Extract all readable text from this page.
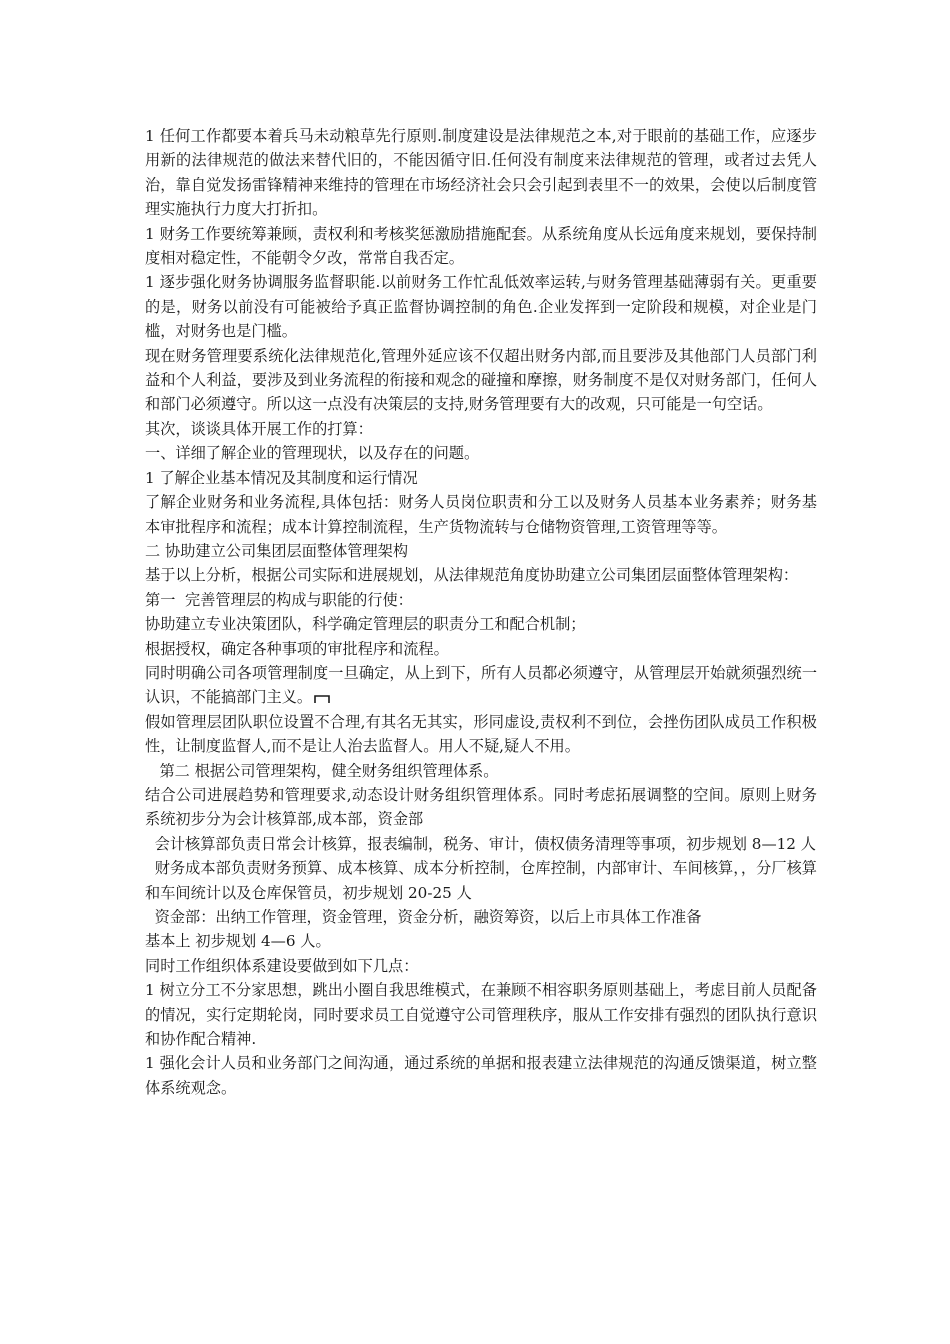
1 任何工作都要本着兵马未动粮草先行原则.制度建设是法律规范之本,对于眼前的基础工作，应逐步用新的法律规范的做法来替代旧的，不能因循守旧.任何没有制度来法律规范的管理，或者过去凭人治，靠自觉发扬雷锋精神来维持的管理在市场经济社会只会引起到表里不一的效果，会使以后制度管理实施执行力度大打折扣。

1 财务工作要统筹兼顾，责权利和考核奖惩激励措施配套。从系统角度从长远角度来规划，要保持制度相对稳定性，不能朝令夕改，常常自我否定。

1 逐步强化财务协调服务监督职能.以前财务工作忙乱低效率运转,与财务管理基础薄弱有关。更重要的是，财务以前没有可能被给予真正监督协调控制的角色.企业发挥到一定阶段和规模，对企业是门槛，对财务也是门槛。

现在财务管理要系统化法律规范化,管理外延应该不仅超出财务内部,而且要涉及其他部门人员部门利益和个人利益，要涉及到业务流程的衔接和观念的碰撞和摩擦，财务制度不是仅对财务部门，任何人和部门必须遵守。所以这一点没有决策层的支持,财务管理要有大的改观，只可能是一句空话。

其次，谈谈具体开展工作的打算：

一、详细了解企业的管理现状，以及存在的问题。

1 了解企业基本情况及其制度和运行情况

了解企业财务和业务流程,具体包括：财务人员岗位职责和分工以及财务人员基本业务素养；财务基本审批程序和流程；成本计算控制流程，生产货物流转与仓储物资管理,工资管理等等。

二 协助建立公司集团层面整体管理架构

基于以上分析，根据公司实际和进展规划，从法律规范角度协助建立公司集团层面整体管理架构：

第一  完善管理层的构成与职能的行使：

协助建立专业决策团队，科学确定管理层的职责分工和配合机制；

根据授权，确定各种事项的审批程序和流程。

同时明确公司各项管理制度一旦确定，从上到下，所有人员都必须遵守，从管理层开始就须强烈统一认识，不能搞部门主义。

假如管理层团队职位设置不合理,有其名无其实，形同虚设,责权利不到位，会挫伤团队成员工作积极性，让制度监督人,而不是让人治去监督人。用人不疑,疑人不用。

第二 根据公司管理架构，健全财务组织管理体系。

结合公司进展趋势和管理要求,动态设计财务组织管理体系。同时考虑拓展调整的空间。原则上财务系统初步分为会计核算部,成本部，资金部

会计核算部负责日常会计核算，报表编制，税务、审计，债权债务清理等事项，初步规划 8—12 人

财务成本部负责财务预算、成本核算、成本分析控制，仓库控制，内部审计、车间核算，，分厂核算和车间统计以及仓库保管员，初步规划 20-25 人

资金部：出纳工作管理，资金管理，资金分析，融资筹资，以后上市具体工作准备

基本上 初步规划 4—6 人。

同时工作组织体系建设要做到如下几点：

1 树立分工不分家思想，跳出小圈自我思维模式，在兼顾不相容职务原则基础上，考虑目前人员配备的情况，实行定期轮岗，同时要求员工自觉遵守公司管理秩序，服从工作安排有强烈的团队执行意识和协作配合精神.

1 强化会计人员和业务部门之间沟通，通过系统的单据和报表建立法律规范的沟通反馈渠道，树立整体系统观念。
